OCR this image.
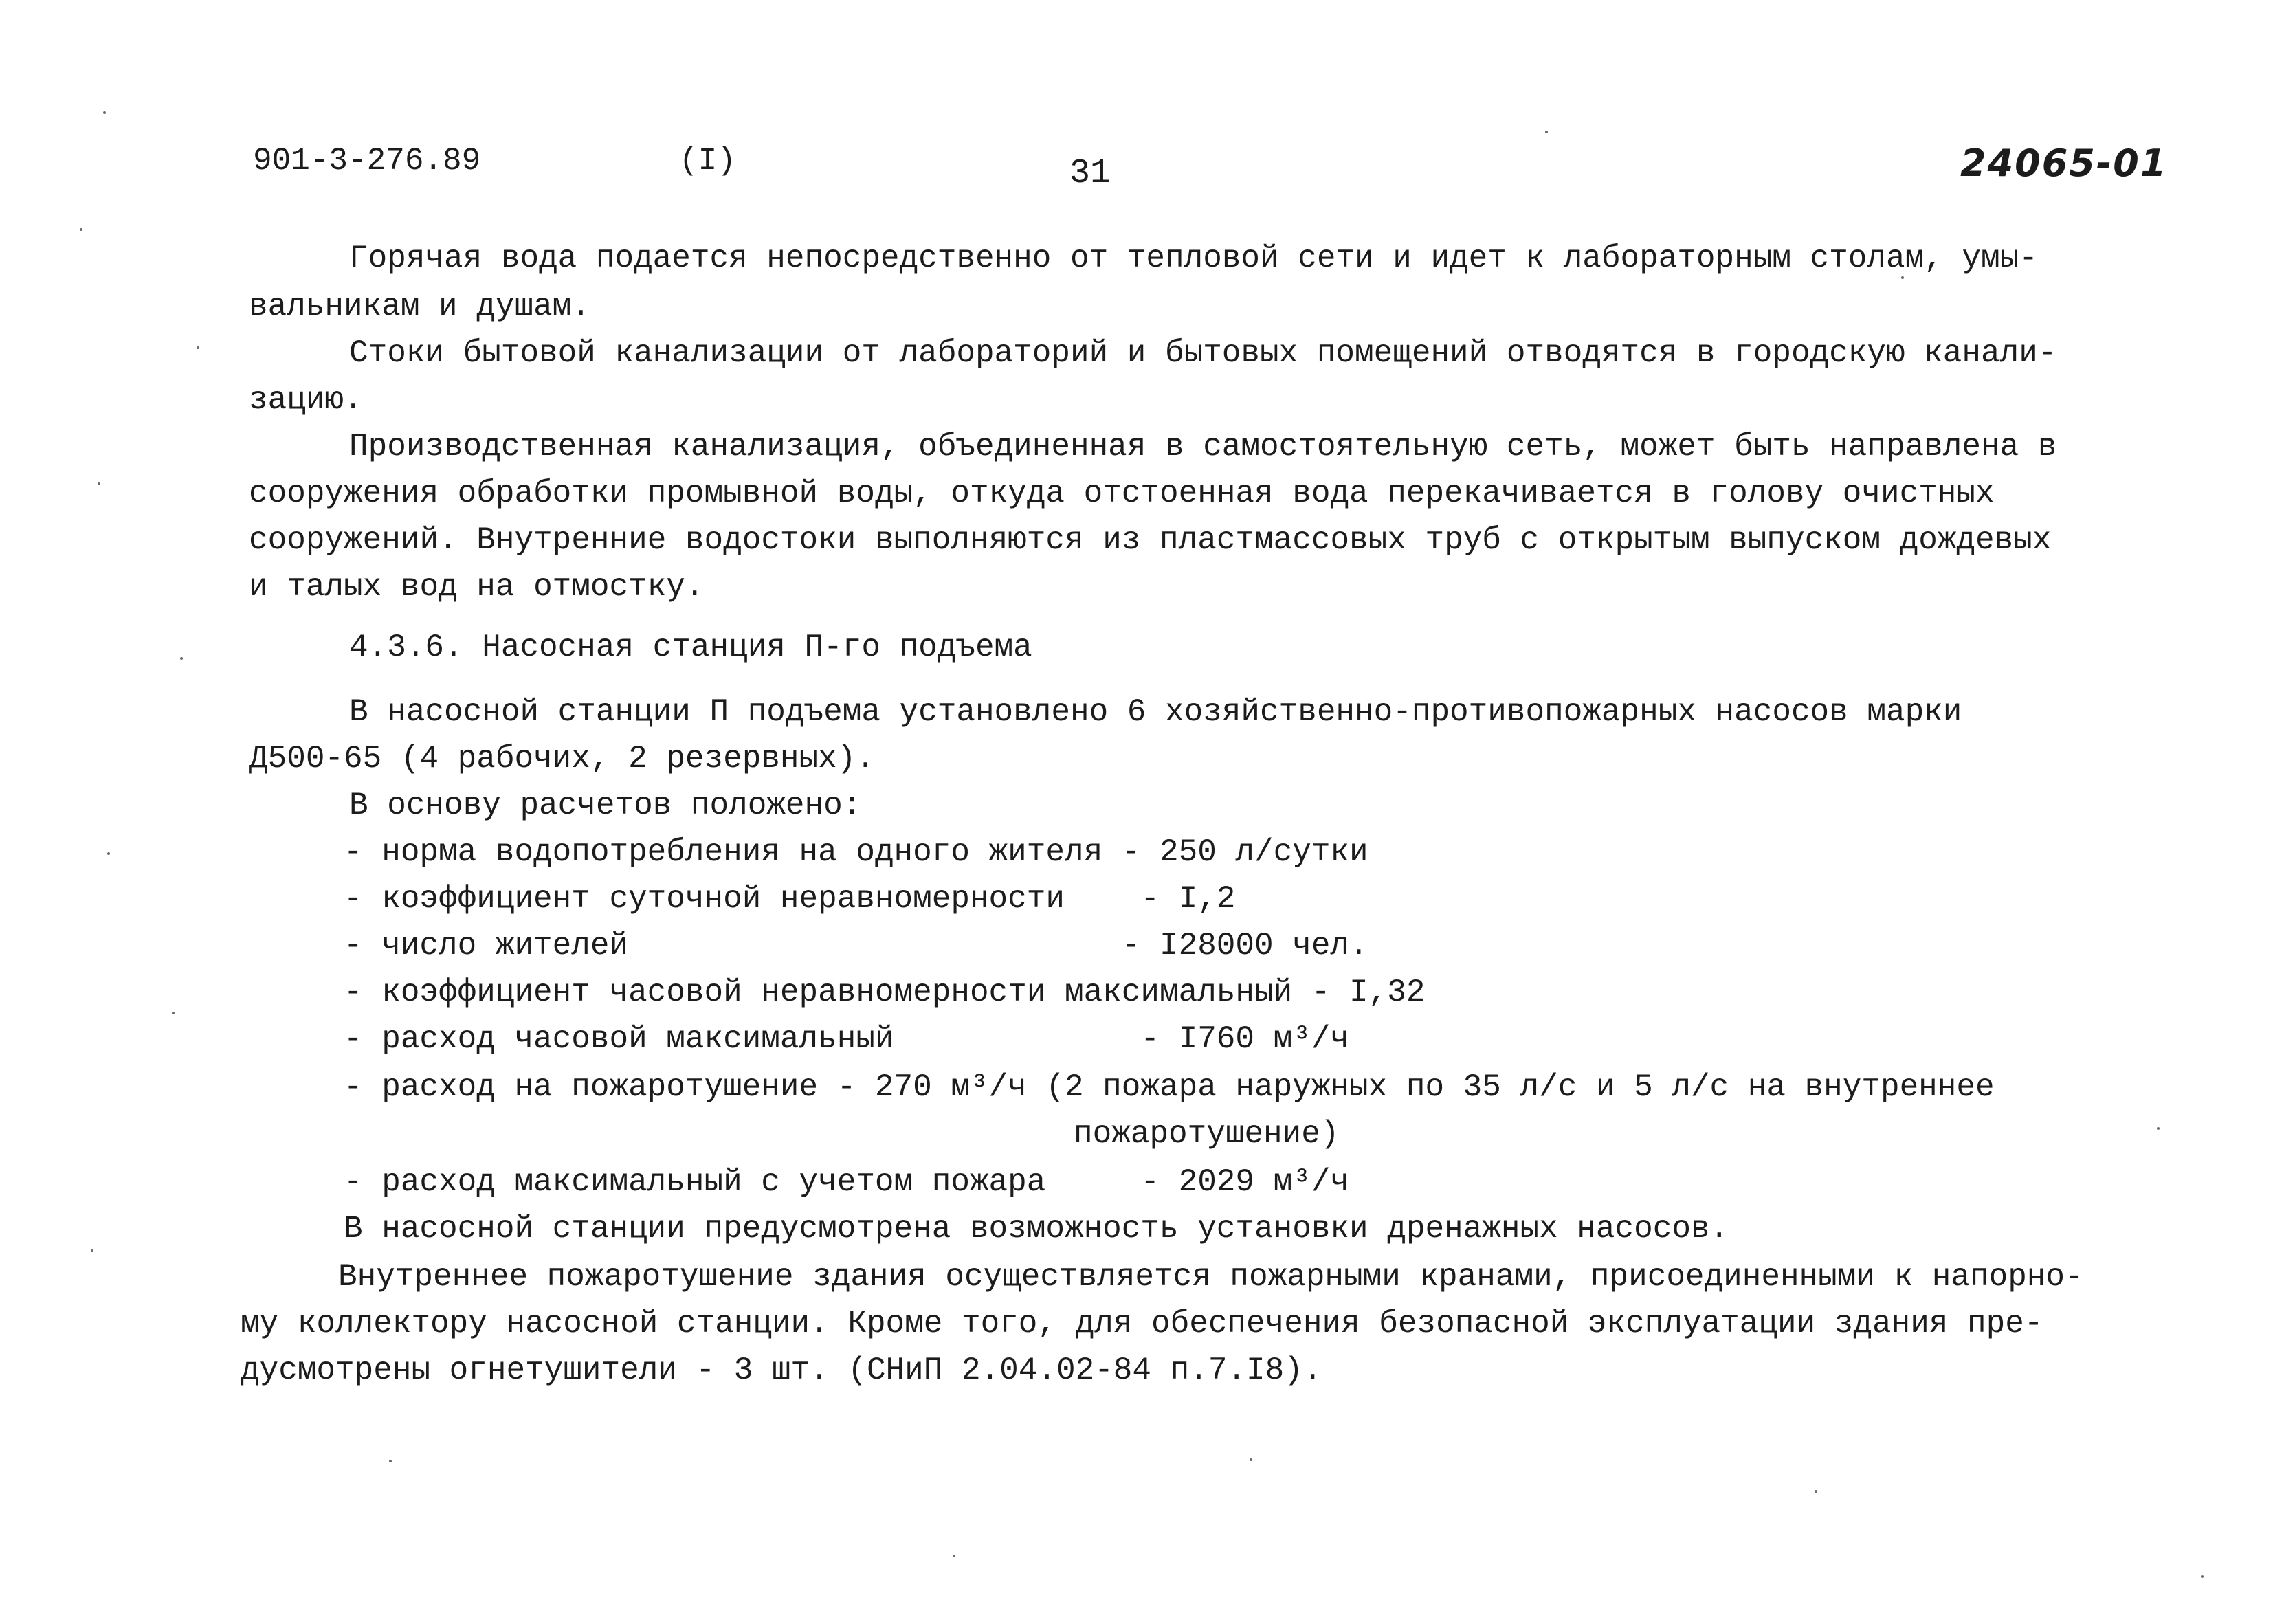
901-3-276.89	(I)	31	24065-01
Горячая вода подается непосредственно от тепловой сети и идет к лабораторным столам, умы-
вальникам и душам.
Стоки бытовой канализации от лабораторий и бытовых помещений отводятся в городскую канали-
зацию.
Производственная канализация, объединенная в самостоятельную сеть, может быть направлена в
сооружения обработки промывной воды, откуда отстоенная вода перекачивается в голову очистных
сооружений. Внутренние водостоки выполняются из пластмассовых труб с открытым выпуском дождевых
и талых вод на отмостку.
4.3.6. Насосная станция П-го подъема
В насосной станции П подъема установлено 6 хозяйственно-противопожарных насосов марки
Д500-65 (4 рабочих, 2 резервных).
В основу расчетов положено:
- норма водопотребления на одного жителя - 250 л/сутки
- коэффициент суточной неравномерности    - I,2
- число жителей                          - I28000 чел.
- коэффициент часовой неравномерности максимальный - I,32
- расход часовой максимальный             - I760 м³/ч
- расход на пожаротушение - 270 м³/ч (2 пожара наружных по 35 л/с и 5 л/с на внутреннее
пожаротушение)
- расход максимальный с учетом пожара     - 2029 м³/ч
В насосной станции предусмотрена возможность установки дренажных насосов.
Внутреннее пожаротушение здания осуществляется пожарными кранами, присоединенными к напорно-
му коллектору насосной станции. Кроме того, для обеспечения безопасной эксплуатации здания пре-
дусмотрены огнетушители - 3 шт. (СНиП 2.04.02-84 п.7.I8).
